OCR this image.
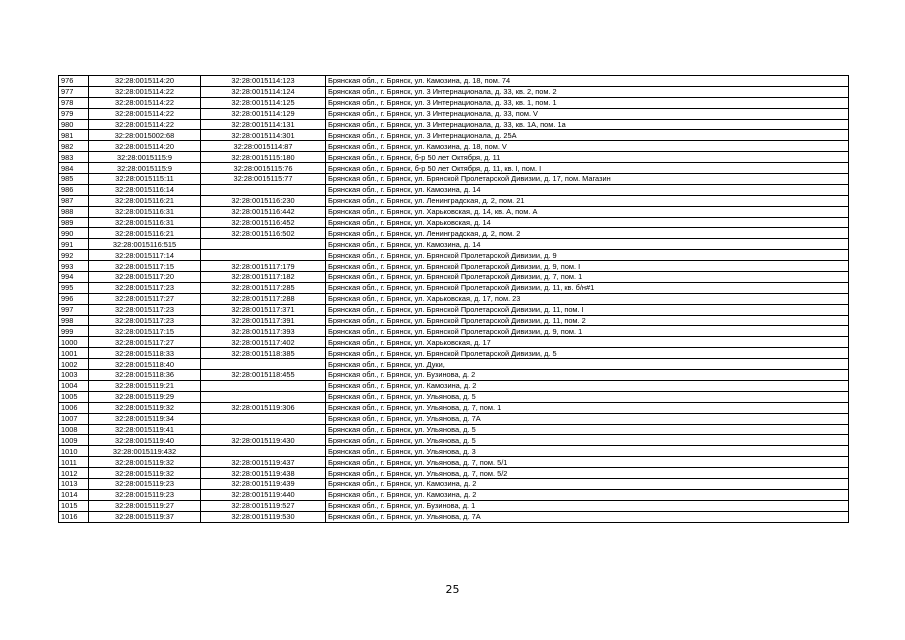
976	32:28:0015114:20	32:28:0015114:123	Брянская обл., г. Брянск, ул. Камозина, д. 18, пом. 74
977	32:28:0015114:22	32:28:0015114:124	Брянская обл., г. Брянск, ул. 3 Интернационала, д. 33, кв. 2, пом. 2
978	32:28:0015114:22	32:28:0015114:125	Брянская обл., г. Брянск, ул. 3 Интернационала, д. 33, кв. 1, пом. 1
979	32:28:0015114:22	32:28:0015114:129	Брянская обл., г. Брянск, ул. 3 Интернационала, д. 33, пом. V
980	32:28:0015114:22	32:28:0015114:131	Брянская обл., г. Брянск, ул. 3 Интернационала, д. 33, кв. 1А, пом. 1а
981	32:28:0015002:68	32:28:0015114:301	Брянская обл., г. Брянск, ул. 3 Интернационала, д. 25А
982	32:28:0015114:20	32:28:0015114:87	Брянская обл., г. Брянск, ул. Камозина, д. 18, пом. V
983	32:28:0015115:9	32:28:0015115:180	Брянская обл., г. Брянск, б-р 50 лет Октября, д. 11
984	32:28:0015115:9	32:28:0015115:76	Брянская обл., г. Брянск, б-р 50 лет Октября, д. 11, кв. I, пом. I
985	32:28:0015115:11	32:28:0015115:77	Брянская обл., г. Брянск, ул. Брянской Пролетарской Дивизии, д. 17, пом. Магазин
986	32:28:0015116:14		Брянская обл., г. Брянск, ул. Камозина, д. 14
987	32:28:0015116:21	32:28:0015116:230	Брянская обл., г. Брянск, ул. Ленинградская, д. 2, пом. 21
988	32:28:0015116:31	32:28:0015116:442	Брянская обл., г. Брянск, ул. Харьковская, д. 14, кв. А, пом. А
989	32:28:0015116:31	32:28:0015116:452	Брянская обл., г. Брянск, ул. Харьковская, д. 14
990	32:28:0015116:21	32:28:0015116:502	Брянская обл., г. Брянск, ул. Ленинградская, д. 2, пом. 2
991	32:28:0015116:515		Брянская обл., г. Брянск, ул. Камозина, д. 14
992	32:28:0015117:14		Брянская обл., г. Брянск, ул. Брянской Пролетарской Дивизии, д. 9
993	32:28:0015117:15	32:28:0015117:179	Брянская обл., г. Брянск, ул. Брянской Пролетарской Дивизии, д. 9, пом. I
994	32:28:0015117:20	32:28:0015117:182	Брянская обл., г. Брянск, ул. Брянской Пролетарской Дивизии, д. 7, пом. 1
995	32:28:0015117:23	32:28:0015117:285	Брянская обл., г. Брянск, ул. Брянской Пролетарской Дивизии, д. 11, кв. б/н#1
996	32:28:0015117:27	32:28:0015117:288	Брянская обл., г. Брянск, ул. Харьковская, д. 17, пом. 23
997	32:28:0015117:23	32:28:0015117:371	Брянская обл., г. Брянск, ул. Брянской Пролетарской Дивизии, д. 11, пом. I
998	32:28:0015117:23	32:28:0015117:391	Брянская обл., г. Брянск, ул. Брянской Пролетарской Дивизии, д. 11, пом. 2
999	32:28:0015117:15	32:28:0015117:393	Брянская обл., г. Брянск, ул. Брянской Пролетарской Дивизии, д. 9, пом. 1
1000	32:28:0015117:27	32:28:0015117:402	Брянская обл., г. Брянск, ул. Харьковская, д. 17
1001	32:28:0015118:33	32:28:0015118:385	Брянская обл., г. Брянск, ул. Брянской Пролетарской Дивизии, д. 5
1002	32:28:0015118:40		Брянская обл., г. Брянск, ул. Дуки,
1003	32:28:0015118:36	32:28:0015118:455	Брянская обл., г. Брянск, ул. Бузинова, д. 2
1004	32:28:0015119:21		Брянская обл., г. Брянск, ул. Камозина, д. 2
1005	32:28:0015119:29		Брянская обл., г. Брянск, ул. Ульянова, д. 5
1006	32:28:0015119:32	32:28:0015119:306	Брянская обл., г. Брянск, ул. Ульянова, д. 7, пом. 1
1007	32:28:0015119:34		Брянская обл., г. Брянск, ул. Ульянова, д. 7А
1008	32:28:0015119:41		Брянская обл., г. Брянск, ул. Ульянова, д. 5
1009	32:28:0015119:40	32:28:0015119:430	Брянская обл., г. Брянск, ул. Ульянова, д. 5
1010	32:28:0015119:432		Брянская обл., г. Брянск, ул. Ульянова, д. 3
1011	32:28:0015119:32	32:28:0015119:437	Брянская обл., г. Брянск, ул. Ульянова, д. 7, пом. 5/1
1012	32:28:0015119:32	32:28:0015119:438	Брянская обл., г. Брянск, ул. Ульянова, д. 7, пом. 5/2
1013	32:28:0015119:23	32:28:0015119:439	Брянская обл., г. Брянск, ул. Камозина, д. 2
1014	32:28:0015119:23	32:28:0015119:440	Брянская обл., г. Брянск, ул. Камозина, д. 2
1015	32:28:0015119:27	32:28:0015119:527	Брянская обл., г. Брянск, ул. Бузинова, д. 1
1016	32:28:0015119:37	32:28:0015119:530	Брянская обл., г. Брянск, ул. Ульянова, д. 7А
25
